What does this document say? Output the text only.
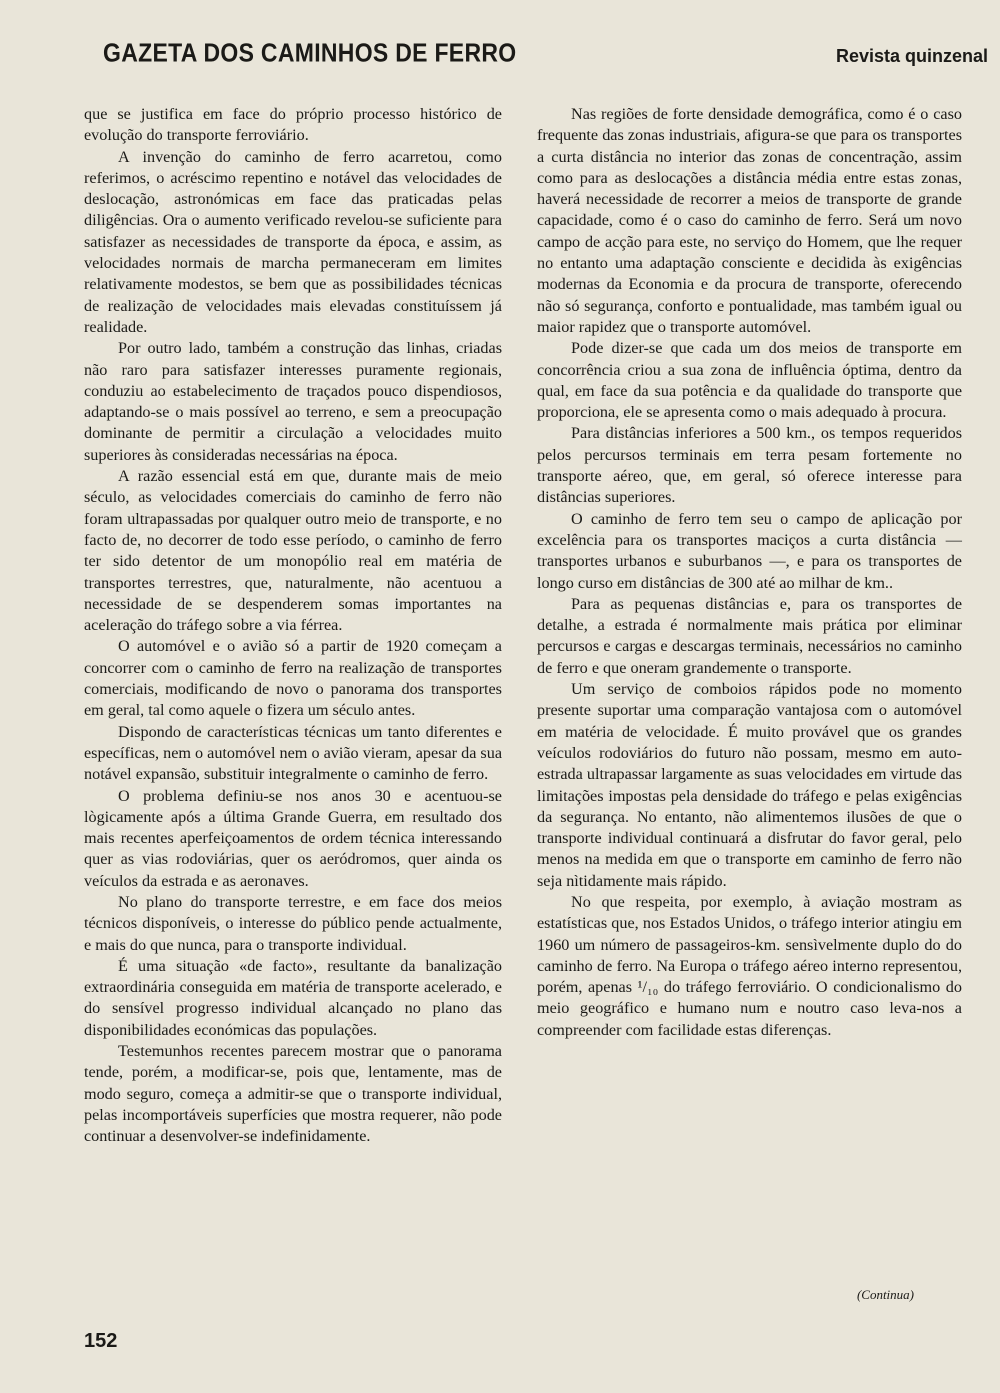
GAZETA DOS CAMINHOS DE FERRO	Revista quinzenal

que se justifica em face do próprio processo histórico de evolução do transporte ferroviário.

A invenção do caminho de ferro acarretou, como referimos, o acréscimo repentino e notável das velocidades de deslocação, astronómicas em face das praticadas pelas diligências. Ora o aumento verificado revelou-se suficiente para satisfazer as necessidades de transporte da época, e assim, as velocidades normais de marcha permaneceram em limites relativamente modestos, se bem que as possibilidades técnicas de realização de velocidades mais elevadas constituíssem já realidade.

Por outro lado, também a construção das linhas, criadas não raro para satisfazer interesses puramente regionais, conduziu ao estabelecimento de traçados pouco dispendiosos, adaptando-se o mais possível ao terreno, e sem a preocupação dominante de permitir a circulação a velocidades muito superiores às consideradas necessárias na época.

A razão essencial está em que, durante mais de meio século, as velocidades comerciais do caminho de ferro não foram ultrapassadas por qualquer outro meio de transporte, e no facto de, no decorrer de todo esse período, o caminho de ferro ter sido detentor de um monopólio real em matéria de transportes terrestres, que, naturalmente, não acentuou a necessidade de se despenderem somas importantes na aceleração do tráfego sobre a via férrea.

O automóvel e o avião só a partir de 1920 começam a concorrer com o caminho de ferro na realização de transportes comerciais, modificando de novo o panorama dos transportes em geral, tal como aquele o fizera um século antes.

Dispondo de características técnicas um tanto diferentes e específicas, nem o automóvel nem o avião vieram, apesar da sua notável expansão, substituir integralmente o caminho de ferro.

O problema definiu-se nos anos 30 e acentuou-se lògicamente após a última Grande Guerra, em resultado dos mais recentes aperfeiçoamentos de ordem técnica interessando quer as vias rodoviárias, quer os aeródromos, quer ainda os veículos da estrada e as aeronaves.

No plano do transporte terrestre, e em face dos meios técnicos disponíveis, o interesse do público pende actualmente, e mais do que nunca, para o transporte individual.

É uma situação «de facto», resultante da banalização extraordinária conseguida em matéria de transporte acelerado, e do sensível progresso individual alcançado no plano das disponibilidades económicas das populações.

Testemunhos recentes parecem mostrar que o panorama tende, porém, a modificar-se, pois que, lentamente, mas de modo seguro, começa a admitir-se que o transporte individual, pelas incomportáveis superfícies que mostra requerer, não pode continuar a desenvolver-se indefinidamente.

Nas regiões de forte densidade demográfica, como é o caso frequente das zonas industriais, afigura-se que para os transportes a curta distância no interior das zonas de concentração, assim como para as deslocações a distância média entre estas zonas, haverá necessidade de recorrer a meios de transporte de grande capacidade, como é o caso do caminho de ferro. Será um novo campo de acção para este, no serviço do Homem, que lhe requer no entanto uma adaptação consciente e decidida às exigências modernas da Economia e da procura de transporte, oferecendo não só segurança, conforto e pontualidade, mas também igual ou maior rapidez que o transporte automóvel.

Pode dizer-se que cada um dos meios de transporte em concorrência criou a sua zona de influência óptima, dentro da qual, em face da sua potência e da qualidade do transporte que proporciona, ele se apresenta como o mais adequado à procura.

Para distâncias inferiores a 500 km., os tempos requeridos pelos percursos terminais em terra pesam fortemente no transporte aéreo, que, em geral, só oferece interesse para distâncias superiores.

O caminho de ferro tem seu o campo de aplicação por excelência para os transportes maciços a curta distância — transportes urbanos e suburbanos —, e para os transportes de longo curso em distâncias de 300 até ao milhar de km..

Para as pequenas distâncias e, para os transportes de detalhe, a estrada é normalmente mais prática por eliminar percursos e cargas e descargas terminais, necessários no caminho de ferro e que oneram grandemente o transporte.

Um serviço de comboios rápidos pode no momento presente suportar uma comparação vantajosa com o automóvel em matéria de velocidade. É muito provável que os grandes veículos rodoviários do futuro não possam, mesmo em auto-estrada ultrapassar largamente as suas velocidades em virtude das limitações impostas pela densidade do tráfego e pelas exigências da segurança. No entanto, não alimentemos ilusões de que o transporte individual continuará a disfrutar do favor geral, pelo menos na medida em que o transporte em caminho de ferro não seja nìtidamente mais rápido.

No que respeita, por exemplo, à aviação mostram as estatísticas que, nos Estados Unidos, o tráfego interior atingiu em 1960 um número de passageiros-km. sensìvelmente duplo do do caminho de ferro. Na Europa o tráfego aéreo interno representou, porém, apenas ¹/₁₀ do tráfego ferroviário. O condicionalismo do meio geográfico e humano num e noutro caso leva-nos a compreender com facilidade estas diferenças.

(Continua)
152
